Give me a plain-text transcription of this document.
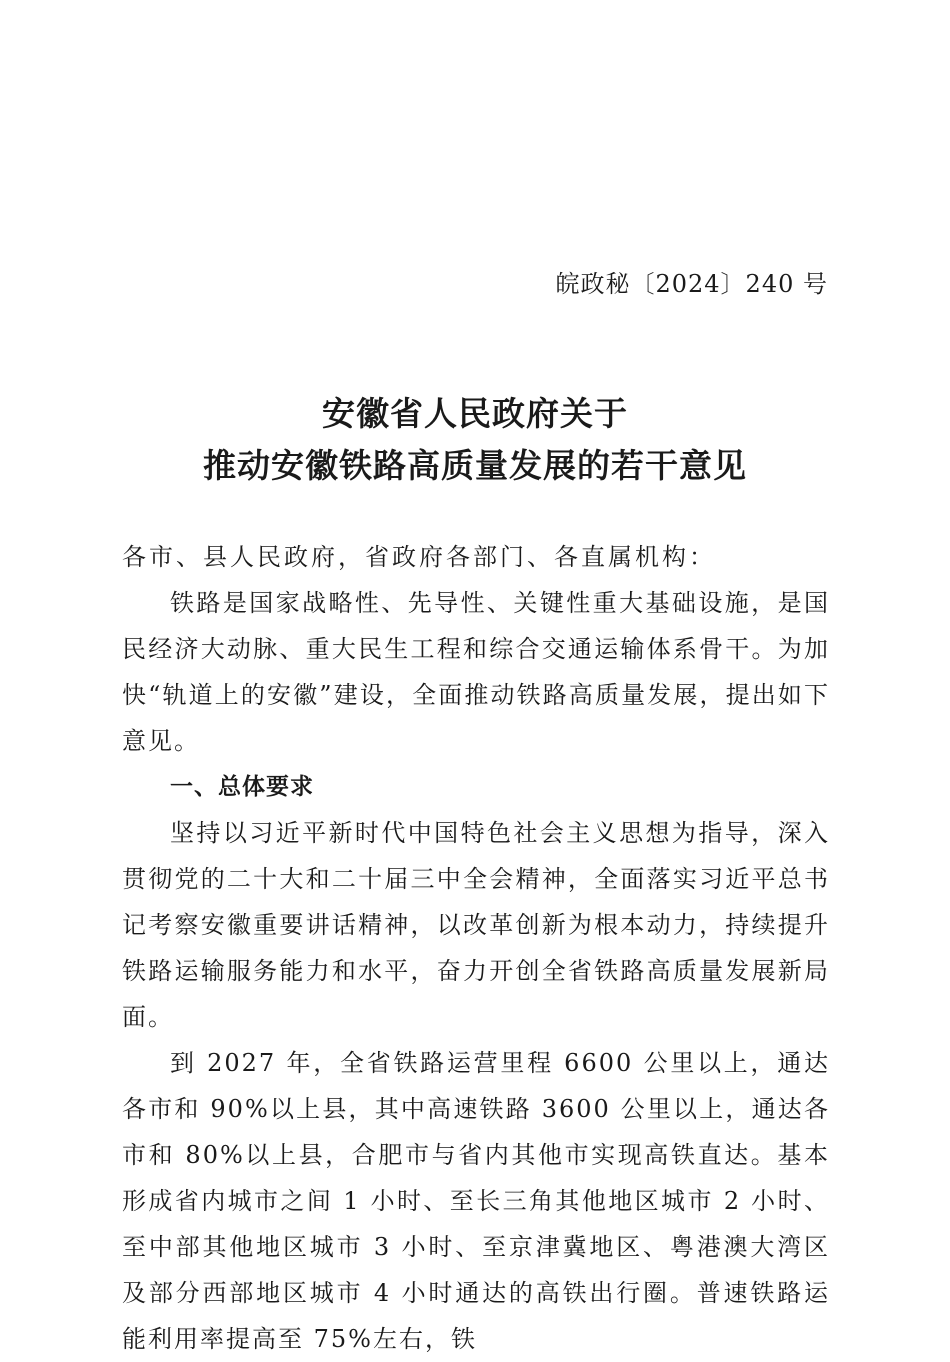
皖政秘〔2024〕240 号
安徽省人民政府关于
推动安徽铁路高质量发展的若干意见

各市、县人民政府，省政府各部门、各直属机构：

铁路是国家战略性、先导性、关键性重大基础设施，是国民经济大动脉、重大民生工程和综合交通运输体系骨干。为加快“轨道上的安徽”建设，全面推动铁路高质量发展，提出如下意见。

一、总体要求

坚持以习近平新时代中国特色社会主义思想为指导，深入贯彻党的二十大和二十届三中全会精神，全面落实习近平总书记考察安徽重要讲话精神，以改革创新为根本动力，持续提升铁路运输服务能力和水平，奋力开创全省铁路高质量发展新局面。

到 2027 年，全省铁路运营里程 6600 公里以上，通达各市和 90%以上县，其中高速铁路 3600 公里以上，通达各市和 80%以上县，合肥市与省内其他市实现高铁直达。基本形成省内城市之间 1 小时、至长三角其他地区城市 2 小时、至中部其他地区城市 3 小时、至京津冀地区、粤港澳大湾区及部分西部地区城市 4 小时通达的高铁出行圈。普速铁路运能利用率提高至 75%左右，铁
